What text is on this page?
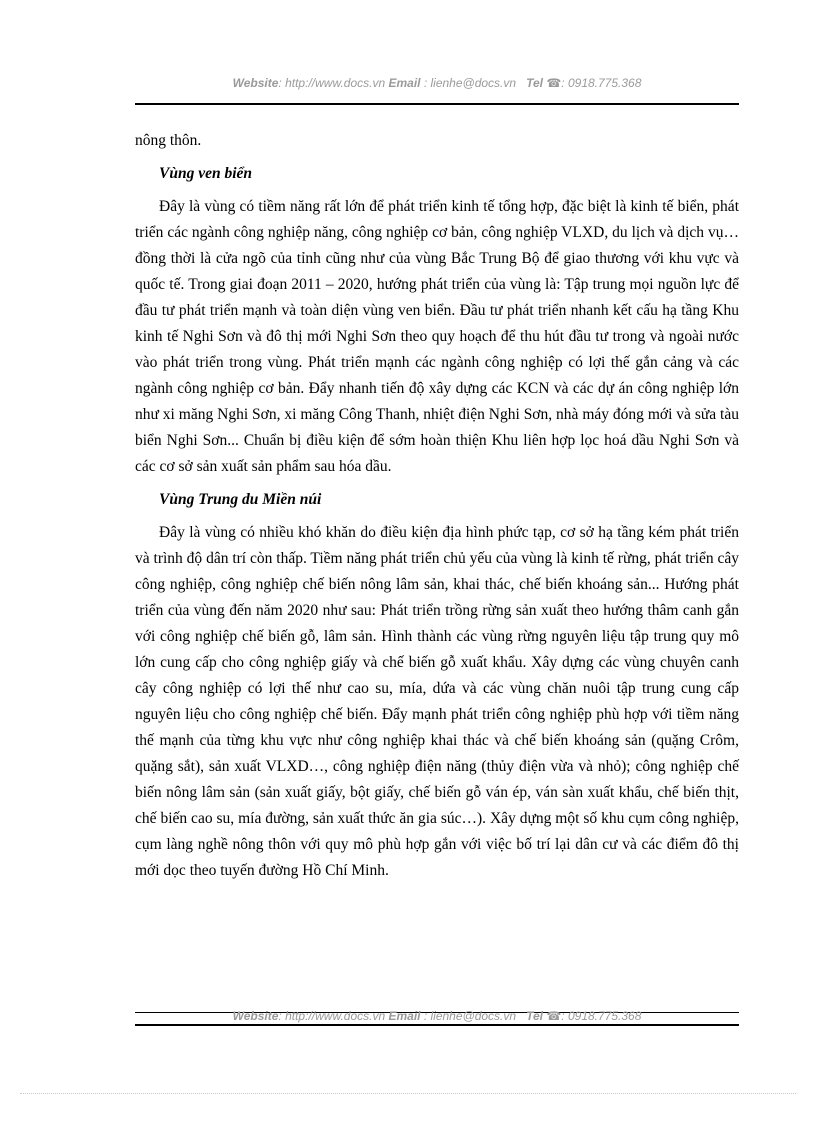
Website: http://www.docs.vn Email : lienhe@docs.vn Tel ☎: 0918.775.368

nông thôn.

Vùng ven biển

Đây là vùng có tiềm năng rất lớn để phát triển kinh tế tổng hợp, đặc biệt là kinh tế biển, phát triển các ngành công nghiệp năng, công nghiệp cơ bản, công nghiệp VLXD, du lịch và dịch vụ… đồng thời là cửa ngõ của tỉnh cũng như của vùng Bắc Trung Bộ để giao thương với khu vực và quốc tế. Trong giai đoạn 2011 – 2020, hướng phát triển của vùng là: Tập trung mọi nguồn lực để đầu tư phát triển mạnh và toàn diện vùng ven biển. Đầu tư phát triển nhanh kết cấu hạ tầng Khu kinh tế Nghi Sơn và đô thị mới Nghi Sơn theo quy hoạch để thu hút đầu tư trong và ngoài nước vào phát triển trong vùng. Phát triển mạnh các ngành công nghiệp có lợi thế gắn cảng và các ngành công nghiệp cơ bản. Đẩy nhanh tiến độ xây dựng các KCN và các dự án công nghiệp lớn như xi măng Nghi Sơn, xi măng Công Thanh, nhiệt điện Nghi Sơn, nhà máy đóng mới và sửa tàu biển Nghi Sơn... Chuẩn bị điều kiện để sớm hoàn thiện Khu liên hợp lọc hoá dầu Nghi Sơn và các cơ sở sản xuất sản phẩm sau hóa dầu.

Vùng Trung du Miền núi

Đây là vùng có nhiều khó khăn do điều kiện địa hình phức tạp, cơ sở hạ tầng kém phát triển và trình độ dân trí còn thấp. Tiềm năng phát triển chủ yếu của vùng là kinh tế rừng, phát triển cây công nghiệp, công nghiệp chế biến nông lâm sản, khai thác, chế biến khoáng sản... Hướng phát triển của vùng đến năm 2020 như sau: Phát triển trồng rừng sản xuất theo hướng thâm canh gắn với công nghiệp chế biến gỗ, lâm sản. Hình thành các vùng rừng nguyên liệu tập trung quy mô lớn cung cấp cho công nghiệp giấy và chế biến gỗ xuất khẩu. Xây dựng các vùng chuyên canh cây công nghiệp có lợi thế như cao su, mía, dứa và các vùng chăn nuôi tập trung cung cấp nguyên liệu cho công nghiệp chế biến. Đẩy mạnh phát triển công nghiệp phù hợp với tiềm năng thế mạnh của từng khu vực như công nghiệp khai thác và chế biến khoáng sản (quặng Crôm, quặng sắt), sản xuất VLXD…, công nghiệp điện năng (thủy điện vừa và nhỏ); công nghiệp chế biến nông lâm sản (sản xuất giấy, bột giấy, chế biến gỗ ván ép, ván sàn xuất khẩu, chế biến thịt, chế biến cao su, mía đường, sản xuất thức ăn gia súc…). Xây dựng một số khu cụm công nghiệp, cụm làng nghề nông thôn với quy mô phù hợp gắn với việc bố trí lại dân cư và các điểm đô thị mới dọc theo tuyến đường Hồ Chí Minh.

Website: http://www.docs.vn Email : lienhe@docs.vn Tel ☎: 0918.775.368
